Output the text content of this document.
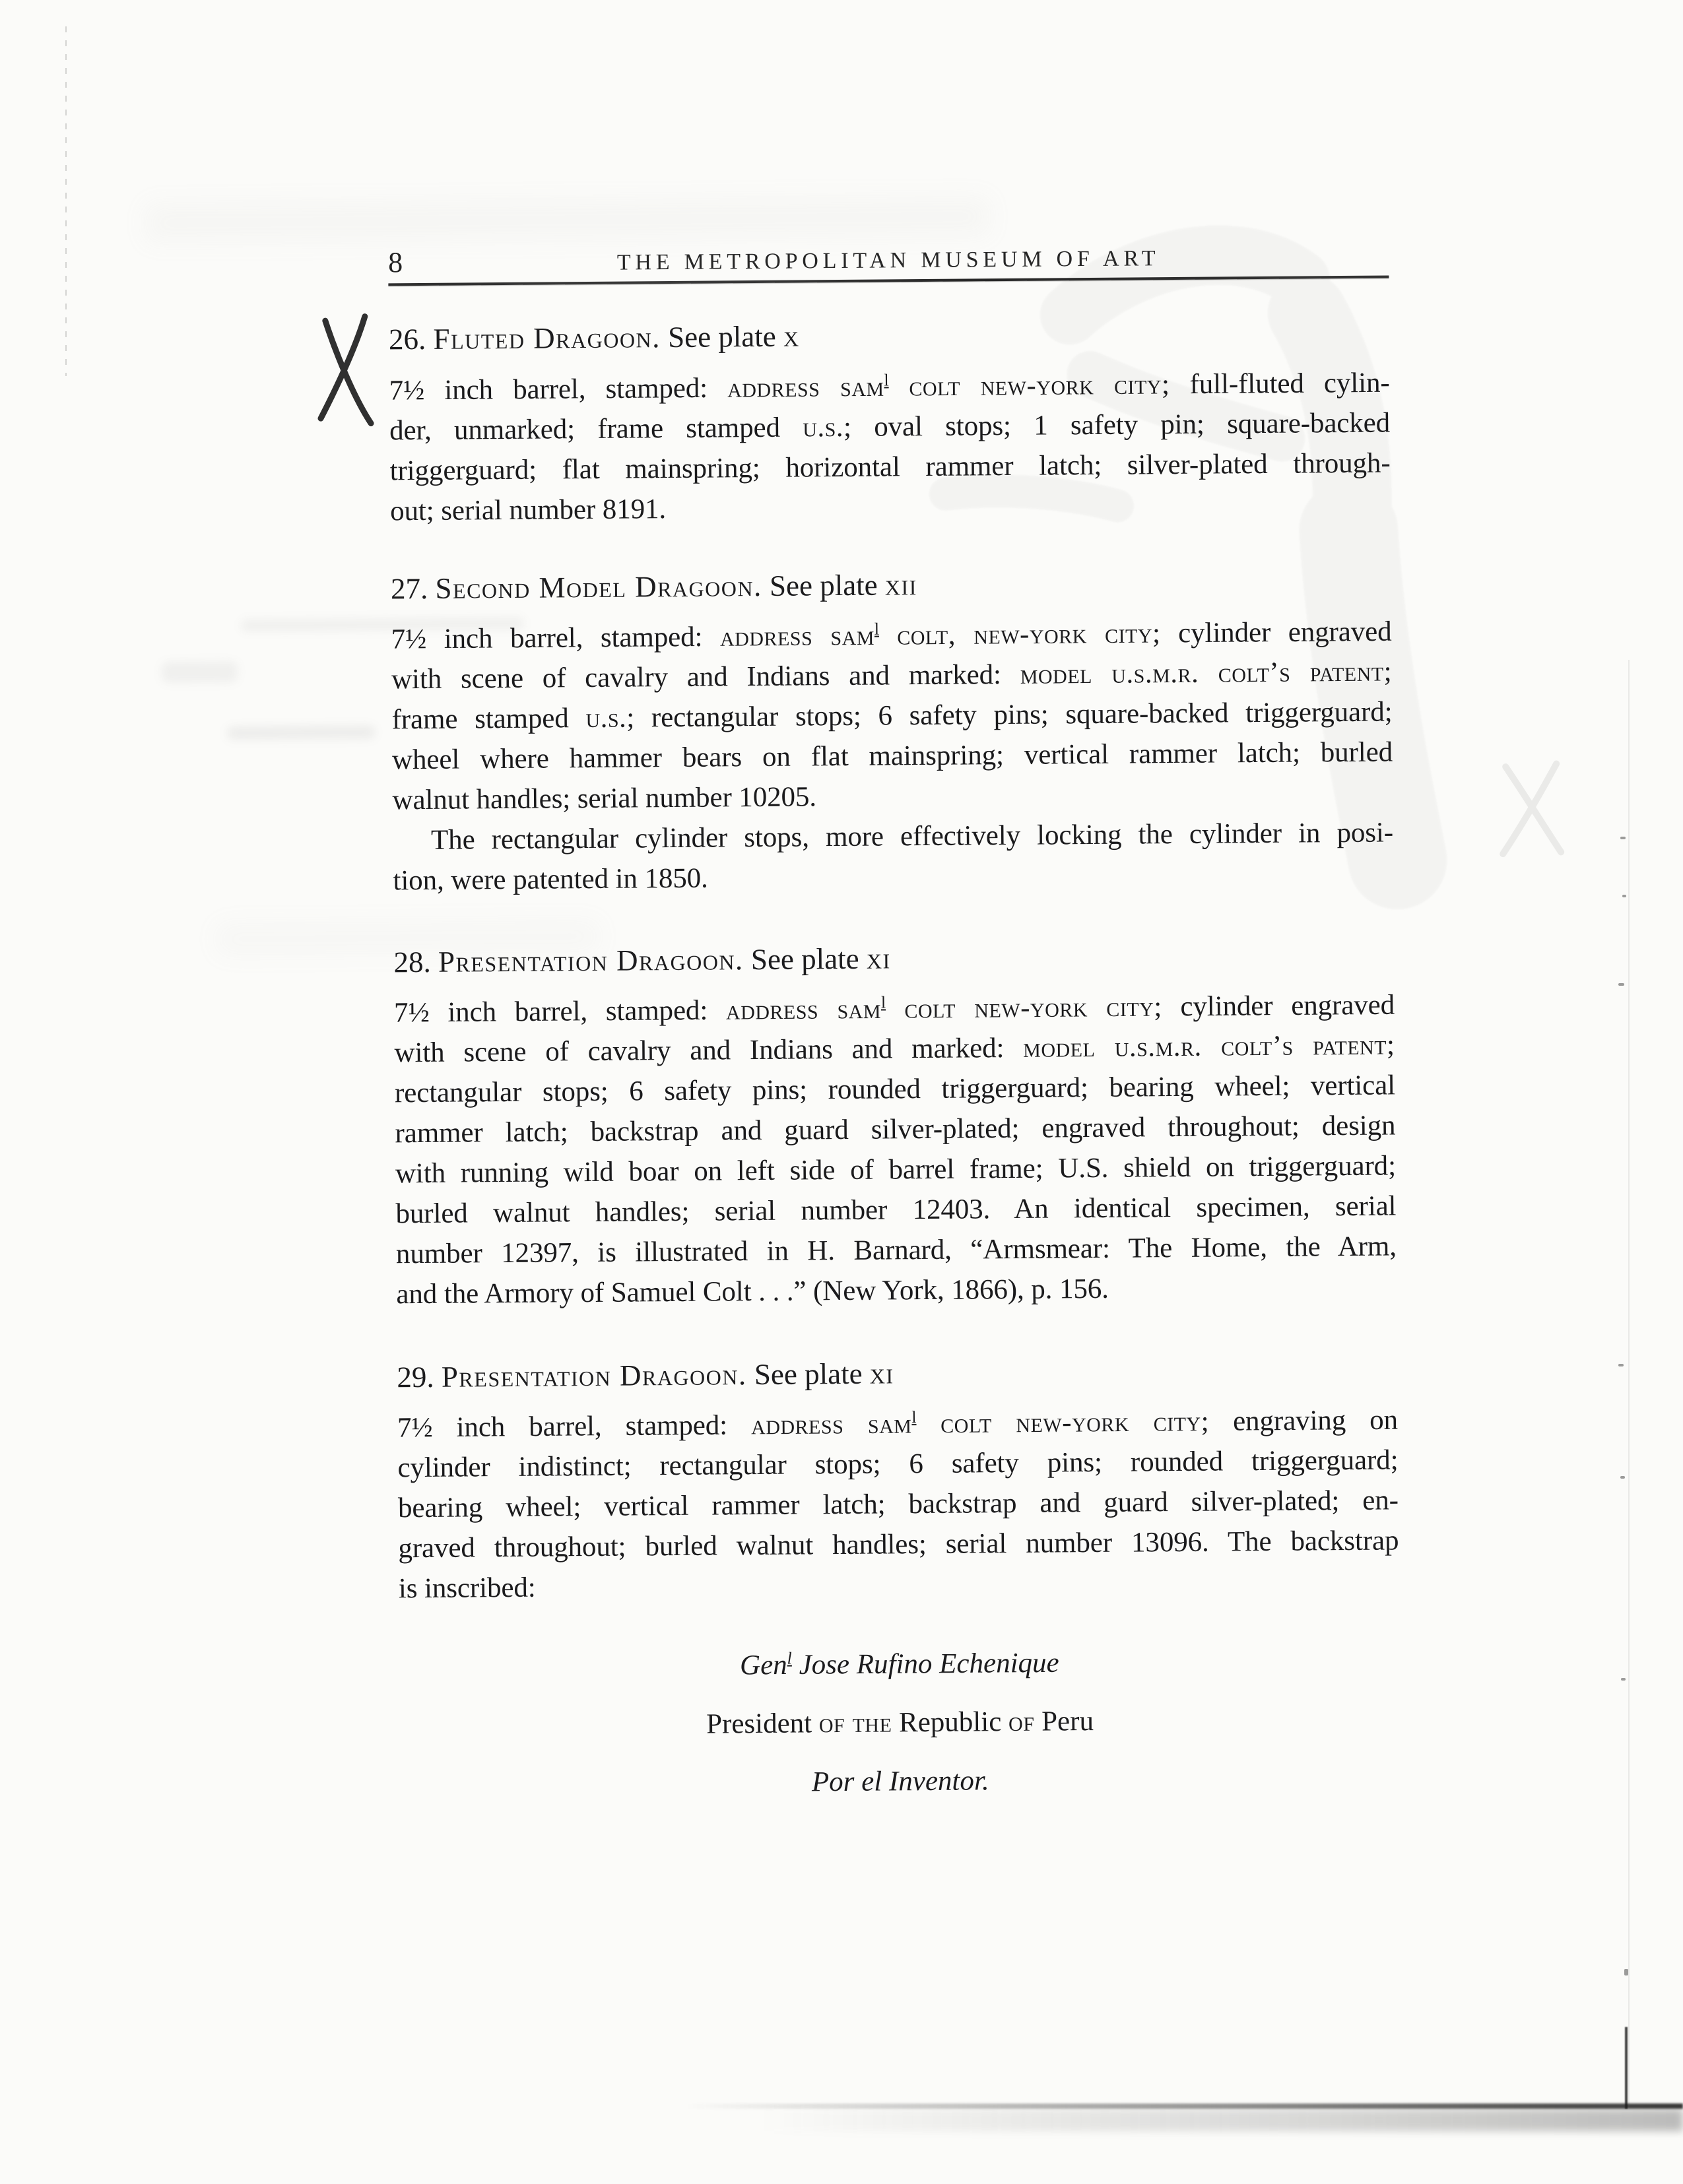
8	THE METROPOLITAN MUSEUM OF ART
26. Fluted Dragoon. See plate x
7½ inch barrel, stamped: address sam$^l$ colt new-york city; full-fluted cylin-
der, unmarked; frame stamped u.s.; oval stops; 1 safety pin; square-backed
triggerguard; flat mainspring; horizontal rammer latch; silver-plated through-
out; serial number 8191.
27. Second Model Dragoon. See plate xii
7½ inch barrel, stamped: address sam$^l$ colt, new-york city; cylinder engraved
with scene of cavalry and Indians and marked: model u.s.m.r. colt’s patent;
frame stamped u.s.; rectangular stops; 6 safety pins; square-backed triggerguard;
wheel where hammer bears on flat mainspring; vertical rammer latch; burled
walnut handles; serial number 10205.
The rectangular cylinder stops, more effectively locking the cylinder in posi-
tion, were patented in 1850.
28. Presentation Dragoon. See plate xi
7½ inch barrel, stamped: address sam$^l$ colt new-york city; cylinder engraved
with scene of cavalry and Indians and marked: model u.s.m.r. colt’s patent;
rectangular stops; 6 safety pins; rounded triggerguard; bearing wheel; vertical
rammer latch; backstrap and guard silver-plated; engraved throughout; design
with running wild boar on left side of barrel frame; U.S. shield on triggerguard;
burled walnut handles; serial number 12403. An identical specimen, serial
number 12397, is illustrated in H. Barnard, “Armsmear: The Home, the Arm,
and the Armory of Samuel Colt . . .” (New York, 1866), p. 156.
29. Presentation Dragoon. See plate xi
7½ inch barrel, stamped: address sam$^l$ colt new-york city; engraving on
cylinder indistinct; rectangular stops; 6 safety pins; rounded triggerguard;
bearing wheel; vertical rammer latch; backstrap and guard silver-plated; en-
graved throughout; burled walnut handles; serial number 13096. The backstrap
is inscribed:
Gen$^l$ Jose Rufino Echenique
President of the Republic of Peru
Por el Inventor.
